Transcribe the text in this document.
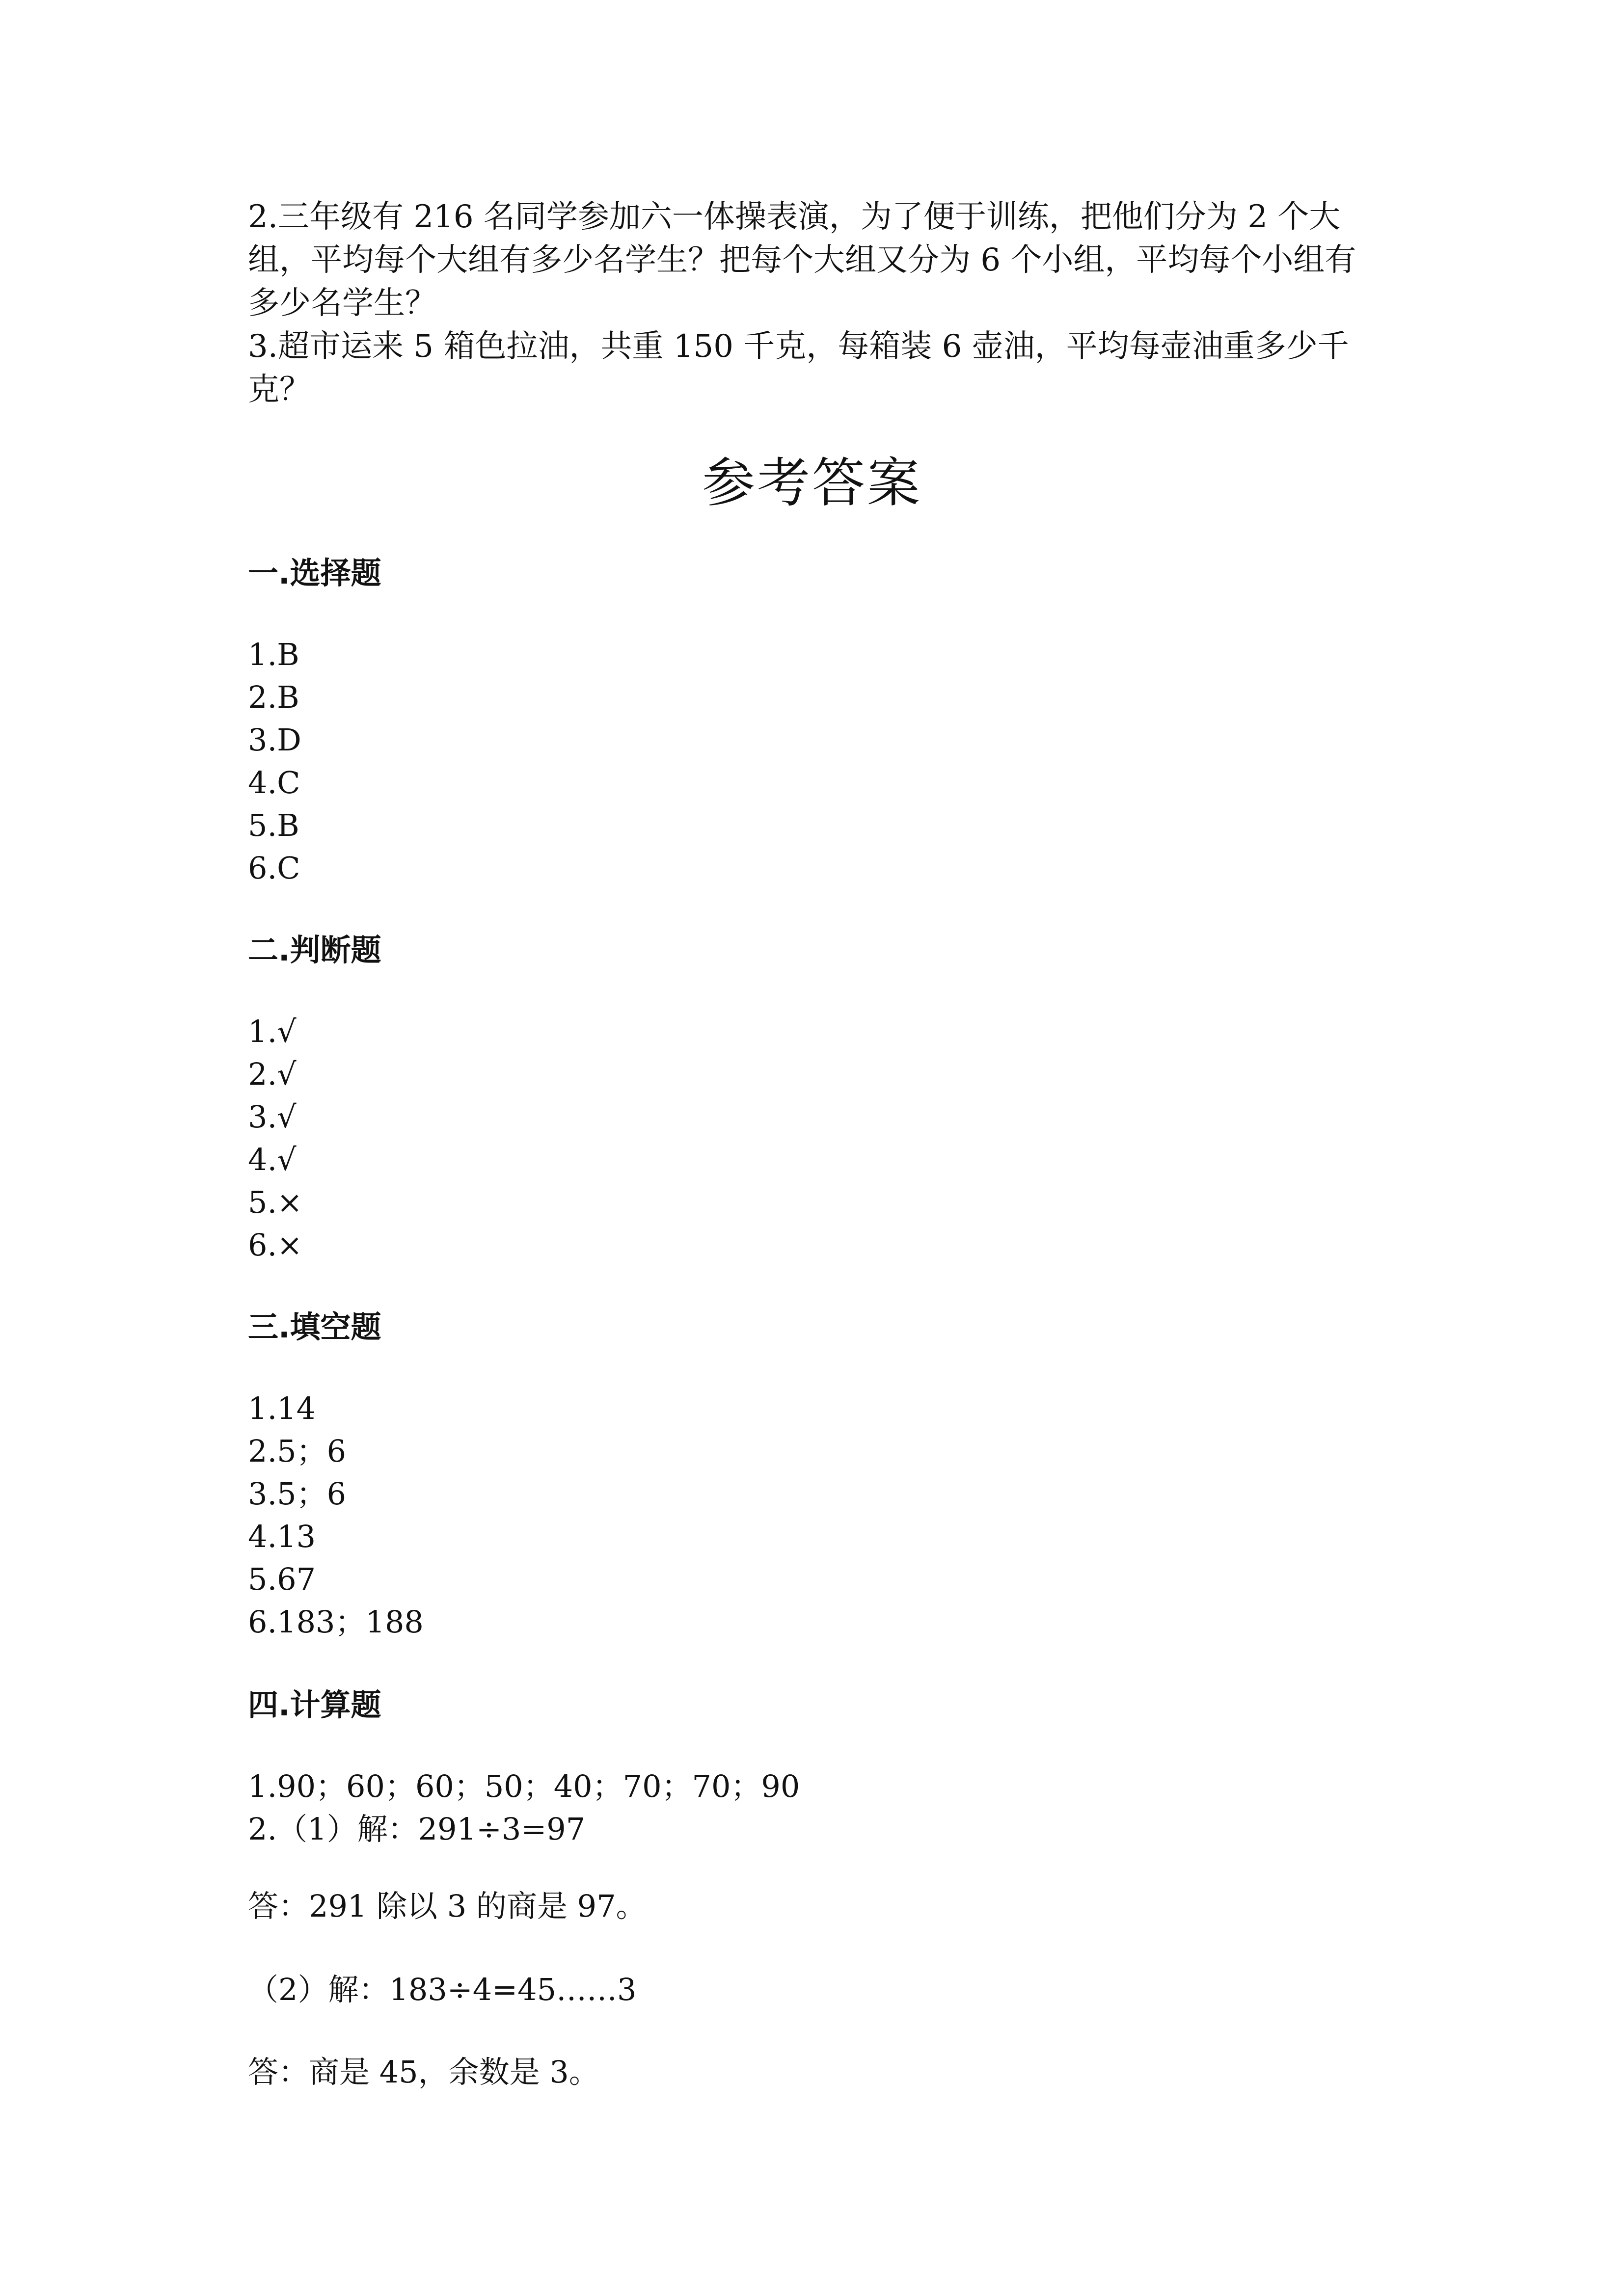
2.三年级有 216 名同学参加六一体操表演，为了便于训练，把他们分为 2 个大组，平均每个大组有多少名学生？把每个大组又分为 6 个小组，平均每个小组有多少名学生？

3.超市运来 5 箱色拉油，共重 150 千克，每箱装 6 壶油，平均每壶油重多少千克？

参考答案
一.选择题
1.B
2.B
3.D
4.C
5.B
6.C
二.判断题
1.√
2.√
3.√
4.√
5.×
6.×
三.填空题
1.14
2.5；6
3.5；6
4.13
5.67
6.183；188
四.计算题
1.90；60；60；50；40；70；70；90
2.（1）解：291÷3=97

答：291 除以 3 的商是 97。

（2）解：183÷4=45……3

答：商是 45，余数是 3。
